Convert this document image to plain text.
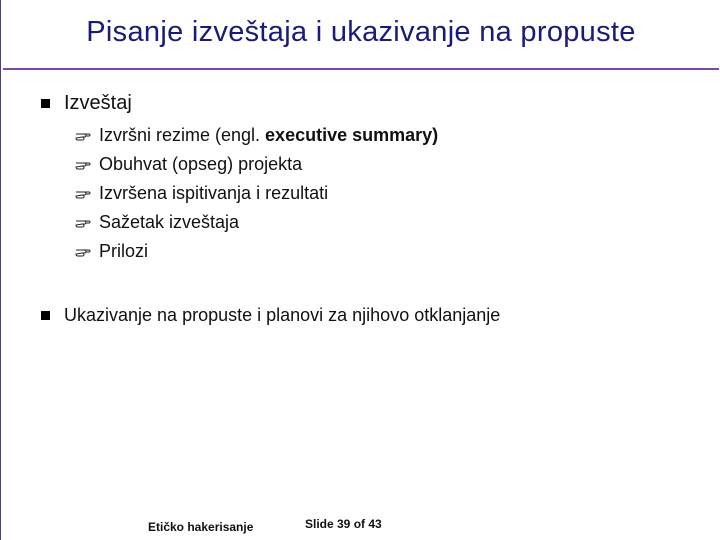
Pisanje izveštaja i ukazivanje na propuste
Izveštaj
Izvršni rezime (engl. executive summary)
Obuhvat (opseg) projekta
Izvršena ispitivanja i rezultati
Sažetak izveštaja
Prilozi
Ukazivanje na propuste i planovi za njihovo otklanjanje
Etičko hakerisanje	Slide 39 of 43
